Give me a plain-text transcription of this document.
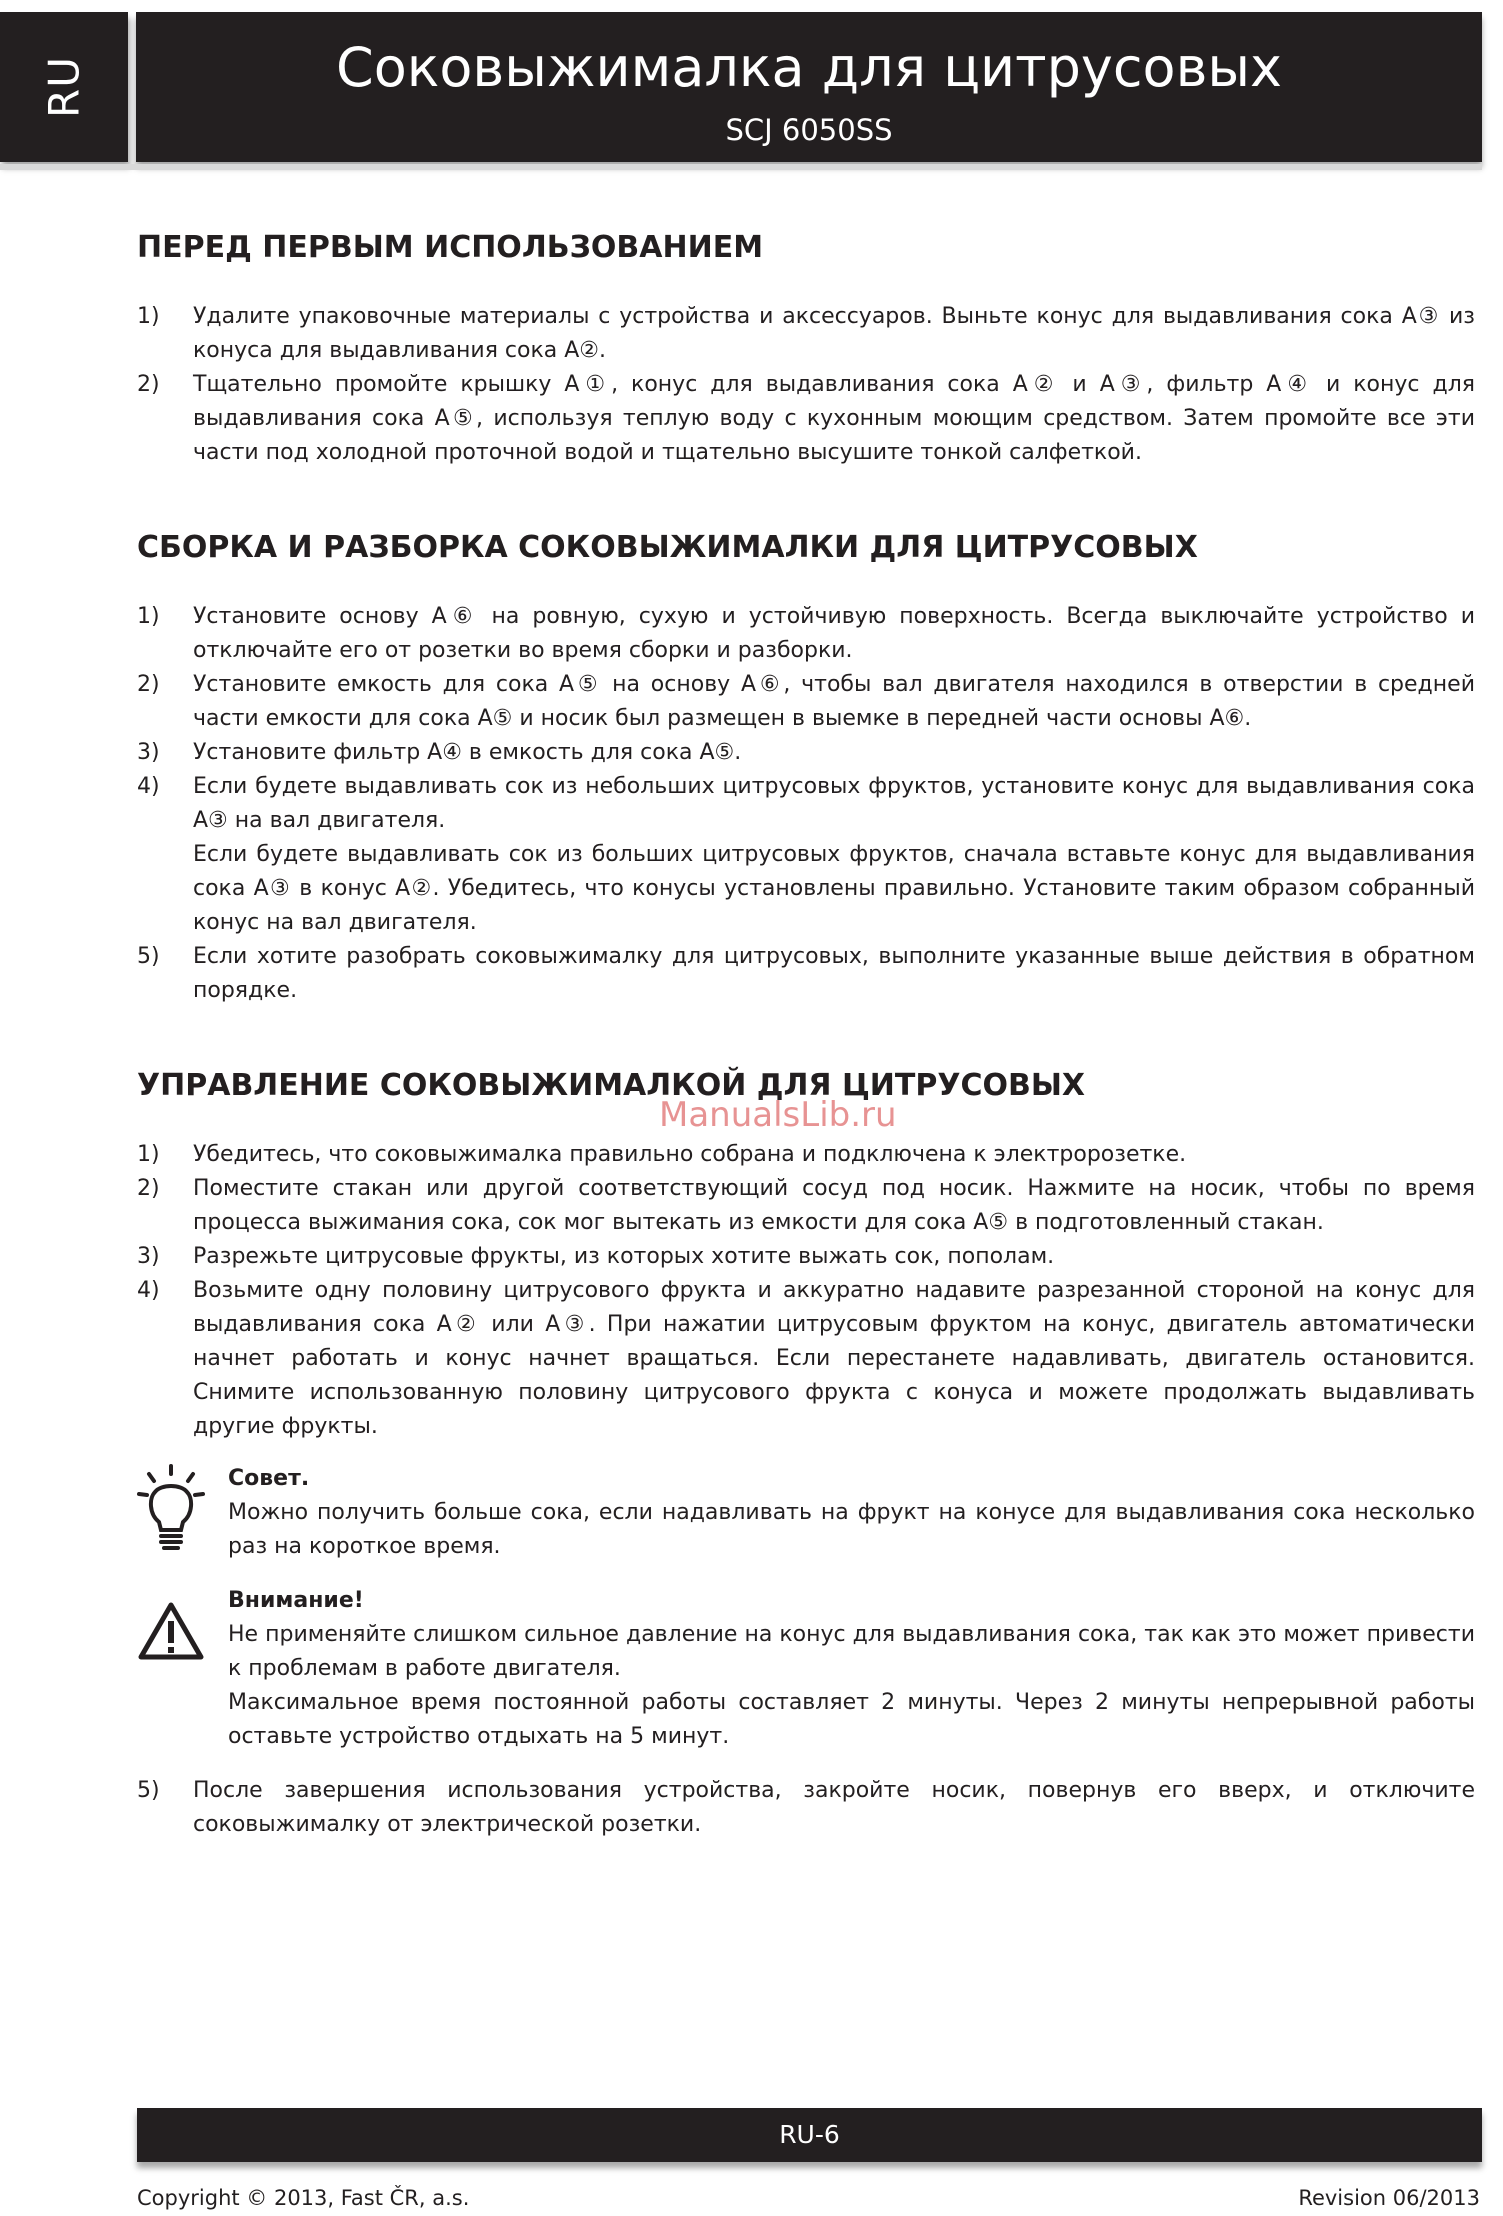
RU	Соковыжималка для цитрусовых
SCJ 6050SS
ПЕРЕД ПЕРВЫМ ИСПОЛЬЗОВАНИЕМ
1) Удалите упаковочные материалы с устройства и аксессуаров. Выньте конус для выдавливания сока A③ из конуса для выдавливания сока A②.
2) Тщательно промойте крышку A①, конус для выдавливания сока A② и A③, фильтр A④ и конус для выдавливания сока A⑤, используя теплую воду с кухонным моющим средством. Затем промойте все эти части под холодной проточной водой и тщательно высушите тонкой салфеткой.
СБОРКА И РАЗБОРКА СОКОВЫЖИМАЛКИ ДЛЯ ЦИТРУСОВЫХ
1) Установите основу A⑥ на ровную, сухую и устойчивую поверхность. Всегда выключайте устройство и отключайте его от розетки во время сборки и разборки.
2) Установите емкость для сока A⑤ на основу A⑥, чтобы вал двигателя находился в отверстии в средней части емкости для сока A⑤ и носик был размещен в выемке в передней части основы A⑥.
3) Установите фильтр A④ в емкость для сока A⑤.
4) Если будете выдавливать сок из небольших цитрусовых фруктов, установите конус для выдавливания сока A③ на вал двигателя.
Если будете выдавливать сок из больших цитрусовых фруктов, сначала вставьте конус для выдавливания сока A③ в конус A②. Убедитесь, что конусы установлены правильно. Установите таким образом собранный конус на вал двигателя.
5) Если хотите разобрать соковыжималку для цитрусовых, выполните указанные выше действия в обратном порядке.
УПРАВЛЕНИЕ СОКОВЫЖИМАЛКОЙ ДЛЯ ЦИТРУСОВЫХ
1) Убедитесь, что соковыжималка правильно собрана и подключена к электророзетке.
2) Поместите стакан или другой соответствующий сосуд под носик. Нажмите на носик, чтобы по время процесса выжимания сока, сок мог вытекать из емкости для сока A⑤ в подготовленный стакан.
3) Разрежьте цитрусовые фрукты, из которых хотите выжать сок, пополам.
4) Возьмите одну половину цитрусового фрукта и аккуратно надавите разрезанной стороной на конус для выдавливания сока A② или A③. При нажатии цитрусовым фруктом на конус, двигатель автоматически начнет работать и конус начнет вращаться. Если перестанете надавливать, двигатель остановится. Снимите использованную половину цитрусового фрукта с конуса и можете продолжать выдавливать другие фрукты.
Совет.
Можно получить больше сока, если надавливать на фрукт на конусе для выдавливания сока несколько раз на короткое время.
Внимание!
Не применяйте слишком сильное давление на конус для выдавливания сока, так как это может привести к проблемам в работе двигателя.
Максимальное время постоянной работы составляет 2 минуты. Через 2 минуты непрерывной работы оставьте устройство отдыхать на 5 минут.
5) После завершения использования устройства, закройте носик, повернув его вверх, и отключите соковыжималку от электрической розетки.
ManualsLib.ru
RU-6
Copyright © 2013, Fast ČR, a.s.	Revision 06/2013
